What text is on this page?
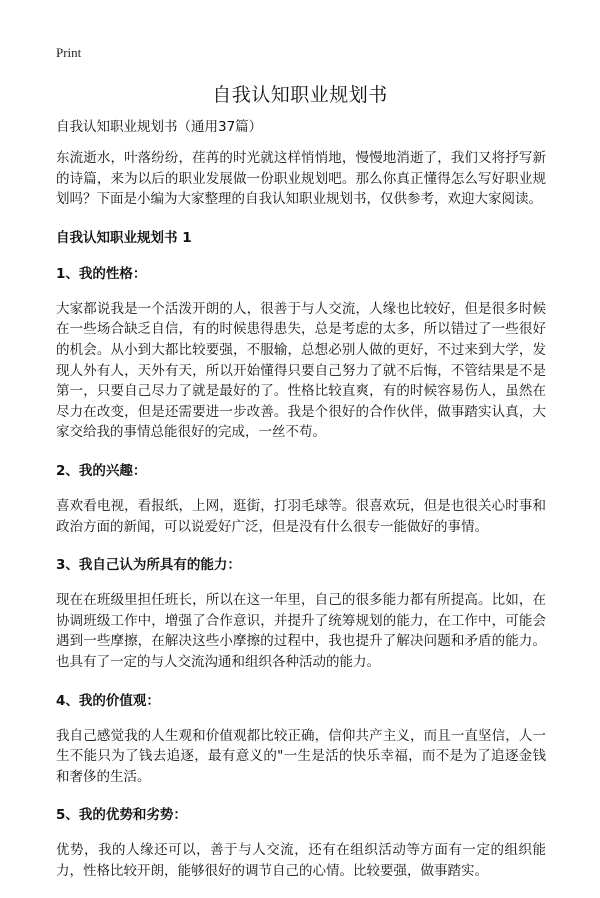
Print
自我认知职业规划书
自我认知职业规划书（通用37篇）

东流逝水，叶落纷纷，荏苒的时光就这样悄悄地，慢慢地消逝了，我们又将抒写新的诗篇，来为以后的职业发展做一份职业规划吧。那么你真正懂得怎么写好职业规划吗？下面是小编为大家整理的自我认知职业规划书，仅供参考，欢迎大家阅读。

自我认知职业规划书 1
1、我的性格：

大家都说我是一个活泼开朗的人，很善于与人交流，人缘也比较好，但是很多时候在一些场合缺乏自信，有的时候患得患失，总是考虑的太多，所以错过了一些很好的机会。从小到大都比较要强，不服输，总想必别人做的更好，不过来到大学，发现人外有人，天外有天，所以开始懂得只要自己努力了就不后悔，不管结果是不是第一，只要自己尽力了就是最好的了。性格比较直爽，有的时候容易伤人，虽然在尽力在改变，但是还需要进一步改善。我是个很好的合作伙伴，做事踏实认真，大家交给我的事情总能很好的完成，一丝不苟。

2、我的兴趣：

喜欢看电视，看报纸，上网，逛街，打羽毛球等。很喜欢玩，但是也很关心时事和政治方面的新闻，可以说爱好广泛，但是没有什么很专一能做好的事情。

3、我自己认为所具有的能力：

现在在班级里担任班长，所以在这一年里，自己的很多能力都有所提高。比如，在协调班级工作中，增强了合作意识，并提升了统筹规划的能力，在工作中，可能会遇到一些摩擦，在解决这些小摩擦的过程中，我也提升了解决问题和矛盾的能力。也具有了一定的与人交流沟通和组织各种活动的能力。

4、我的价值观：

我自己感觉我的人生观和价值观都比较正确，信仰共产主义，而且一直坚信，人一生不能只为了钱去追逐，最有意义的"一生是活的快乐幸福，而不是为了追逐金钱和奢侈的生活。

5、我的优势和劣势：

优势，我的人缘还可以，善于与人交流，还有在组织活动等方面有一定的组织能力，性格比较开朗，能够很好的调节自己的心情。比较要强，做事踏实。
